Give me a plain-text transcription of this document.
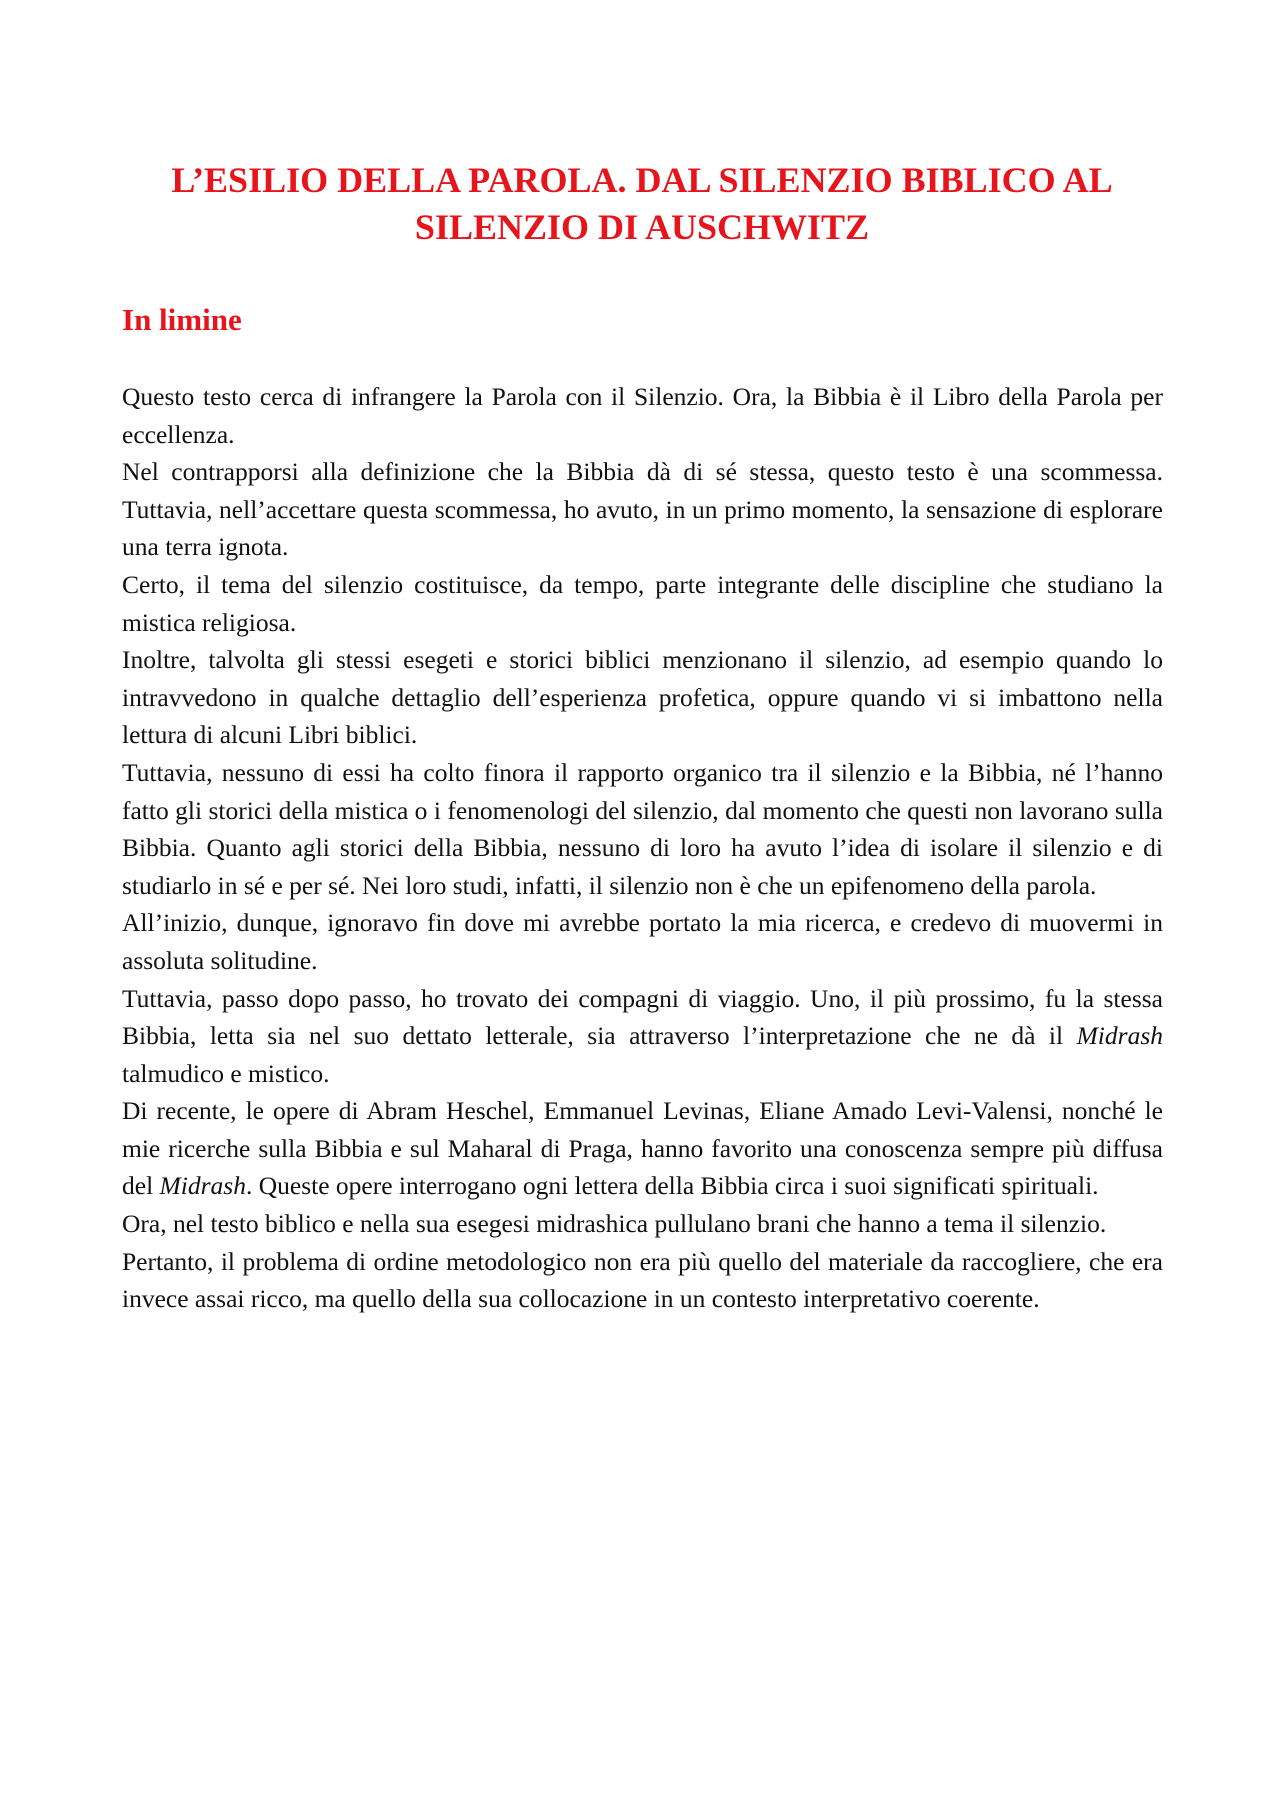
L’ESILIO DELLA PAROLA. DAL SILENZIO BIBLICO AL
SILENZIO DI AUSCHWITZ
In limine

Questo testo cerca di infrangere la Parola con il Silenzio. Ora, la Bibbia è il Libro della Parola per eccellenza.

Nel contrapporsi alla definizione che la Bibbia dà di sé stessa, questo testo è una scommessa. Tuttavia, nell’accettare questa scommessa, ho avuto, in un primo momento, la sensazione di esplorare una terra ignota.

Certo, il tema del silenzio costituisce, da tempo, parte integrante delle discipline che studiano la mistica religiosa.

Inoltre, talvolta gli stessi esegeti e storici biblici menzionano il silenzio, ad esempio quando lo intravvedono in qualche dettaglio dell’esperienza profetica, oppure quando vi si imbattono nella lettura di alcuni Libri biblici.

Tuttavia, nessuno di essi ha colto finora il rapporto organico tra il silenzio e la Bibbia, né l’hanno fatto gli storici della mistica o i fenomenologi del silenzio, dal momento che questi non lavorano sulla Bibbia. Quanto agli storici della Bibbia, nessuno di loro ha avuto l’idea di isolare il silenzio e di studiarlo in sé e per sé. Nei loro studi, infatti, il silenzio non è che un epifenomeno della parola.

All’inizio, dunque, ignoravo fin dove mi avrebbe portato la mia ricerca, e credevo di muovermi in assoluta solitudine.

Tuttavia, passo dopo passo, ho trovato dei compagni di viaggio. Uno, il più prossimo, fu la stessa Bibbia, letta sia nel suo dettato letterale, sia attraverso l’interpretazione che ne dà il Midrash talmudico e mistico.

Di recente, le opere di Abram Heschel, Emmanuel Levinas, Eliane Amado Levi-Valensi, nonché le mie ricerche sulla Bibbia e sul Maharal di Praga, hanno favorito una conoscenza sempre più diffusa del Midrash. Queste opere interrogano ogni lettera della Bibbia circa i suoi significati spirituali.

Ora, nel testo biblico e nella sua esegesi midrashica pullulano brani che hanno a tema il silenzio.

Pertanto, il problema di ordine metodologico non era più quello del materiale da raccogliere, che era invece assai ricco, ma quello della sua collocazione in un contesto interpretativo coerente.
